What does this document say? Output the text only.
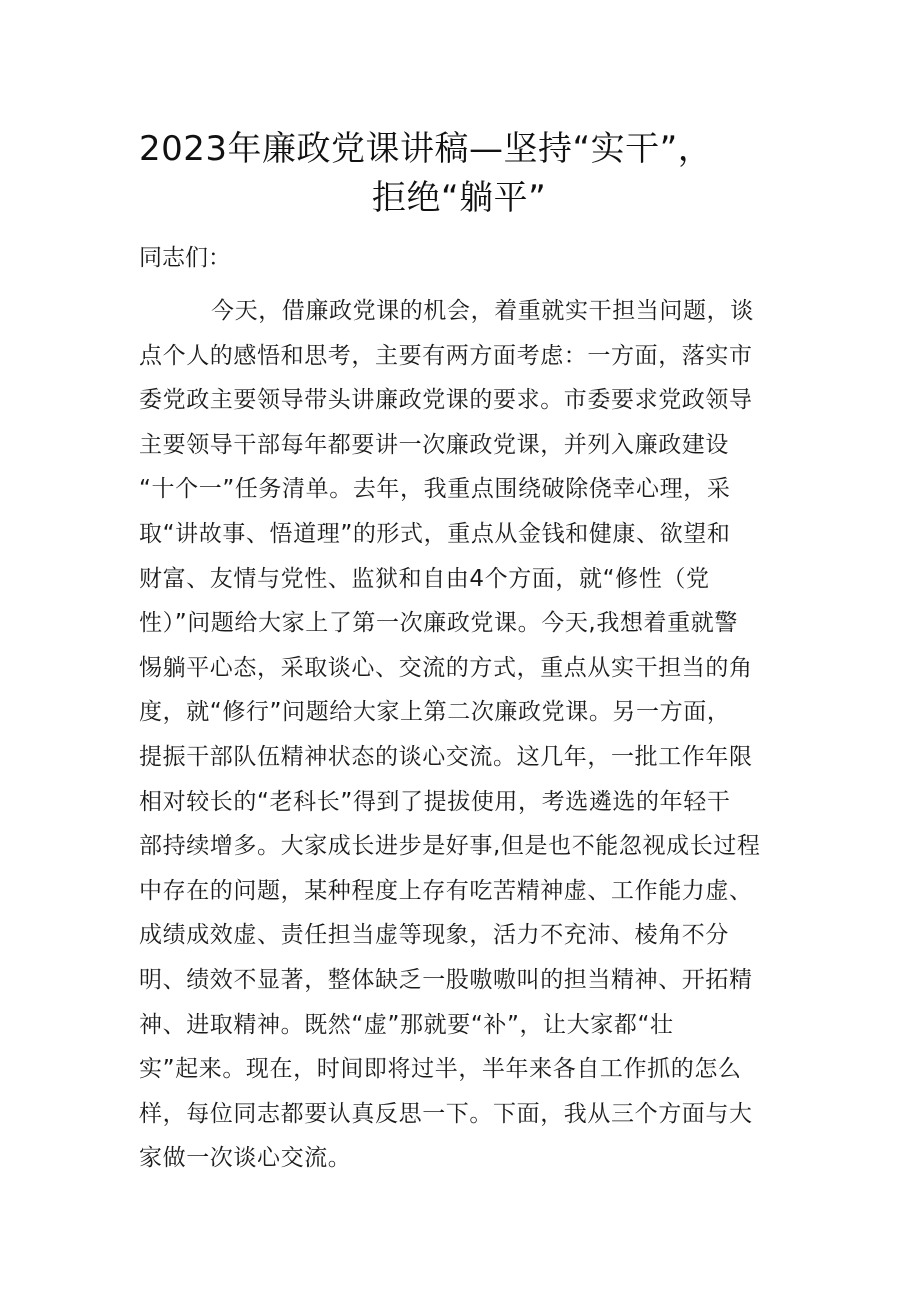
2023年廉政党课讲稿—坚持“实干”，
拒绝“躺平”
同志们：
今天，借廉政党课的机会，着重就实干担当问题，谈
点个人的感悟和思考，主要有两方面考虑：一方面，落实市
委党政主要领导带头讲廉政党课的要求。市委要求党政领导
主要领导干部每年都要讲一次廉政党课，并列入廉政建设
“十个一”任务清单。去年，我重点围绕破除侥幸心理，采
取“讲故事、悟道理”的形式，重点从金钱和健康、欲望和
财富、友情与党性、监狱和自由4个方面，就“修性（党
性）”问题给大家上了第一次廉政党课。今天,我想着重就警
惕躺平心态，采取谈心、交流的方式，重点从实干担当的角
度，就“修行”问题给大家上第二次廉政党课。另一方面，
提振干部队伍精神状态的谈心交流。这几年，一批工作年限
相对较长的“老科长”得到了提拔使用，考选遴选的年轻干
部持续增多。大家成长进步是好事,但是也不能忽视成长过程
中存在的问题，某种程度上存有吃苦精神虚、工作能力虚、
成绩成效虚、责任担当虚等现象，活力不充沛、棱角不分
明、绩效不显著，整体缺乏一股嗷嗷叫的担当精神、开拓精
神、进取精神。既然“虚”那就要“补”，让大家都“壮
实”起来。现在，时间即将过半，半年来各自工作抓的怎么
样，每位同志都要认真反思一下。下面，我从三个方面与大
家做一次谈心交流。
